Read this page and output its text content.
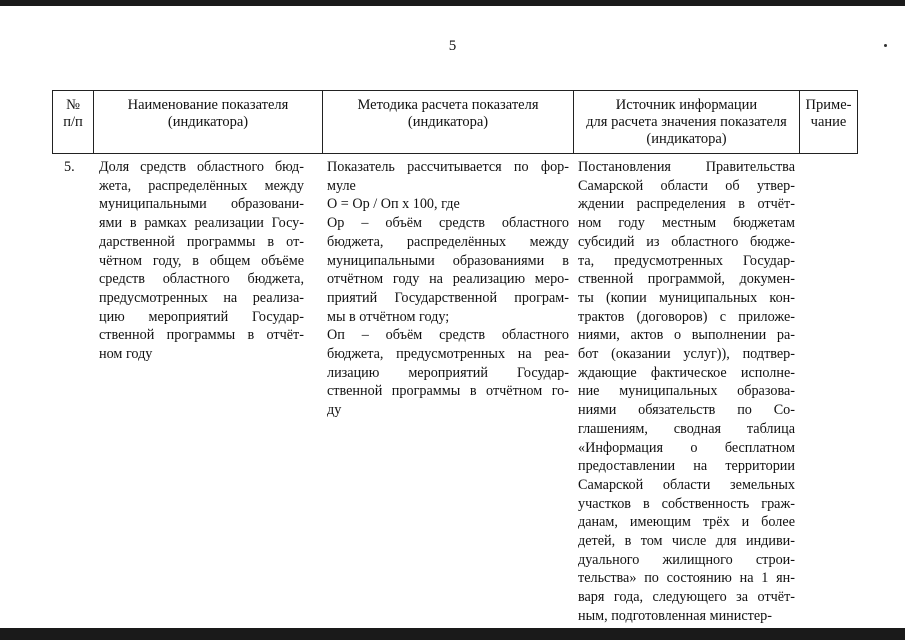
5
№
п/п
Наименование показателя
(индикатора)
Методика расчета показателя
(индикатора)
Источник информации
для расчета значения показателя
(индикатора)
Приме-
чание
5.	Доля средств областного бюд-
жета, распределённых между
муниципальными образовани-
ями в рамках реализации Госу-
дарственной программы в от-
чётном году, в общем объёме
средств областного бюджета,
предусмотренных на реализа-
цию мероприятий Государ-
ственной программы в отчёт-
ном году
Показатель рассчитывается по фор-
муле
О = Ор / Оп х 100, где
Ор – объём средств областного
бюджета, распределённых между
муниципальными образованиями в
отчётном году на реализацию меро-
приятий Государственной програм-
мы в отчётном году;
Оп – объём средств областного
бюджета, предусмотренных на реа-
лизацию мероприятий Государ-
ственной программы в отчётном го-
ду
Постановления Правительства
Самарской области об утвер-
ждении распределения в отчёт-
ном году местным бюджетам
субсидий из областного бюдже-
та, предусмотренных Государ-
ственной программой, докумен-
ты (копии муниципальных кон-
трактов (договоров) с приложе-
ниями, актов о выполнении ра-
бот (оказании услуг)), подтвер-
ждающие фактическое исполне-
ние муниципальных образова-
ниями обязательств по Со-
глашениям, сводная таблица
«Информация о бесплатном
предоставлении на территории
Самарской области земельных
участков в собственность граж-
данам, имеющим трёх и более
детей, в том числе для индиви-
дуального жилищного строи-
тельства» по состоянию на 1 ян-
варя года, следующего за отчёт-
ным, подготовленная министер-
